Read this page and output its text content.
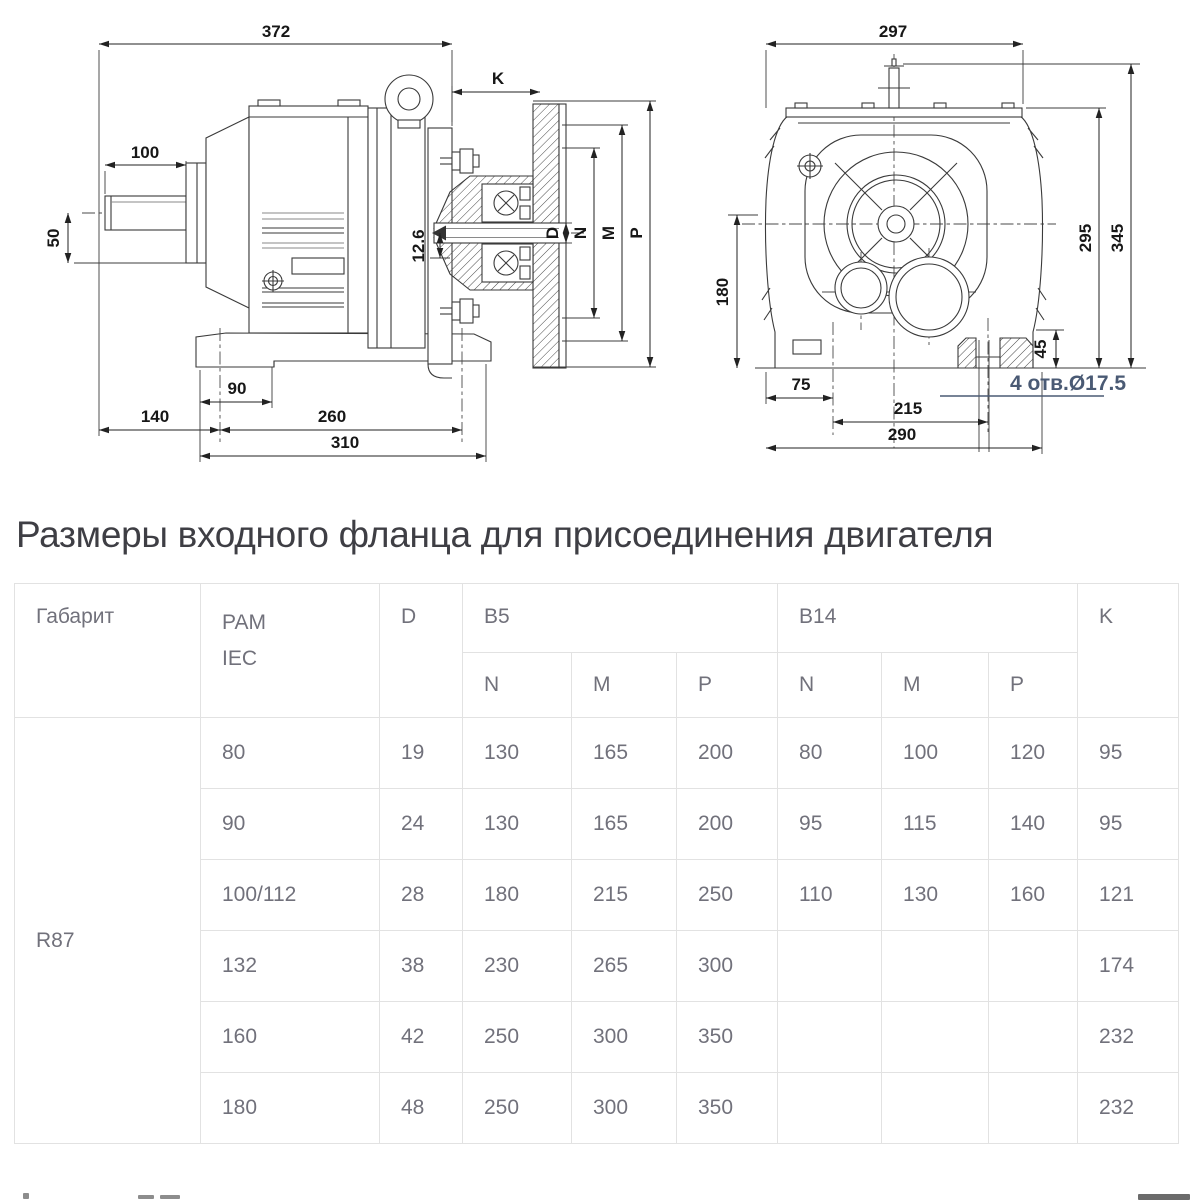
372
100
50
K
12.6	D N M P
90
140	260
310
297
180
295 345
45
75
215
290
4 отв.Ø17.5
Размеры входного фланца для присоединения двигателя
Габарит	PAM
IEC	D	B5			B14			K
			N	M	P	N	M	P	
R87	80	19	130	165	200	80	100	120	95
	90	24	130	165	200	95	115	140	95
	100/112	28	180	215	250	110	130	160	121
	132	38	230	265	300				174
	160	42	250	300	350				232
	180	48	250	300	350				232
